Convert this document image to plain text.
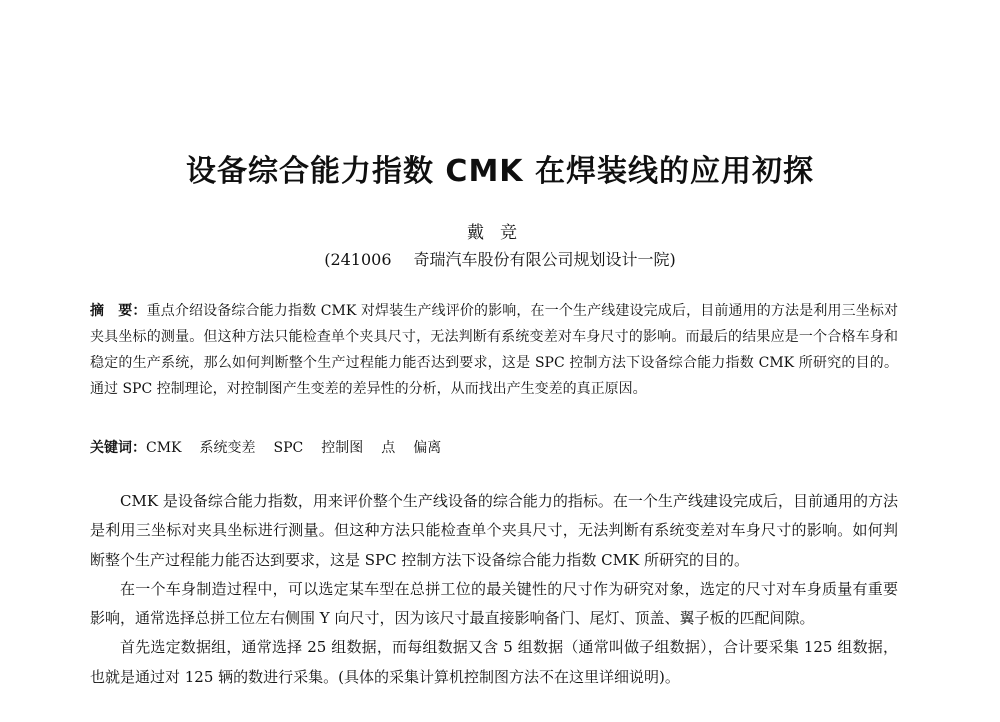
设备综合能力指数 CMK 在焊装线的应用初探

戴竞

(241006 奇瑞汽车股份有限公司规划设计一院)

摘　要：重点介绍设备综合能力指数 CMK 对焊装生产线评价的影响，在一个生产线建设完成后，目前通用的方法是利用三坐标对夹具坐标的测量。但这种方法只能检查单个夹具尺寸，无法判断有系统变差对车身尺寸的影响。而最后的结果应是一个合格车身和稳定的生产系统，那么如何判断整个生产过程能力能否达到要求，这是 SPC 控制方法下设备综合能力指数 CMK 所研究的目的。通过 SPC 控制理论，对控制图产生变差的差异性的分析，从而找出产生变差的真正原因。

关键词：CMK 系统变差 SPC 控制图 点 偏离

CMK 是设备综合能力指数，用来评价整个生产线设备的综合能力的指标。在一个生产线建设完成后，目前通用的方法是利用三坐标对夹具坐标进行测量。但这种方法只能检查单个夹具尺寸，无法判断有系统变差对车身尺寸的影响。如何判断整个生产过程能力能否达到要求，这是 SPC 控制方法下设备综合能力指数 CMK 所研究的目的。

在一个车身制造过程中，可以选定某车型在总拼工位的最关键性的尺寸作为研究对象，选定的尺寸对车身质量有重要影响，通常选择总拼工位左右侧围 Y 向尺寸，因为该尺寸最直接影响备门、尾灯、顶盖、翼子板的匹配间隙。

首先选定数据组，通常选择 25 组数据，而每组数据又含 5 组数据（通常叫做子组数据），合计要采集 125 组数据，也就是通过对 125 辆的数进行采集。(具体的采集计算机控制图方法不在这里详细说明)。
